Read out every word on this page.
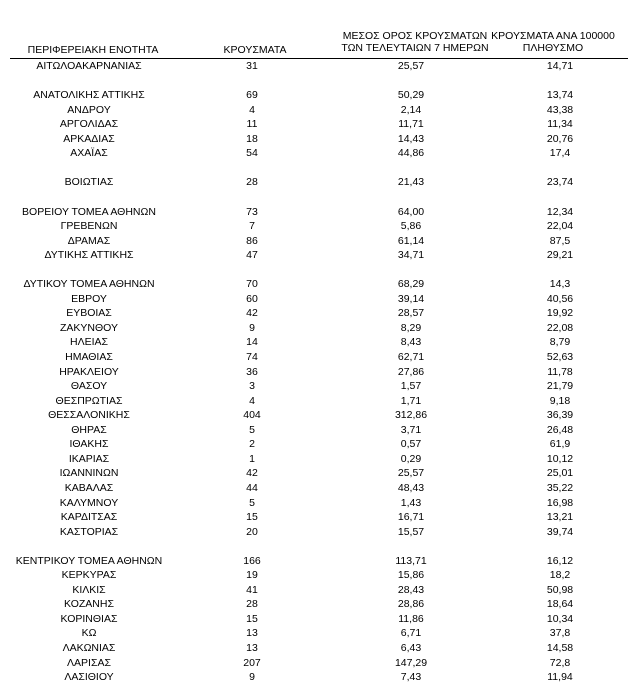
ΠΕΡΙΦΕΡΕΙΑΚΗ ΕΝΟΤΗΤΑ	ΚΡΟΥΣΜΑΤΑ
ΜΕΣΟΣ ΟΡΟΣ ΚΡΟΥΣΜΑΤΩΝ
ΤΩΝ ΤΕΛΕΥΤΑΙΩΝ 7 ΗΜΕΡΩΝ
ΚΡΟΥΣΜΑΤΑ ΑΝΑ 100000
ΠΛΗΘΥΣΜΟ
ΑΙΤΩΛΟΑΚΑΡΝΑΝΙΑΣ	31	25,57	14,71
ΑΝΑΤΟΛΙΚΗΣ ΑΤΤΙΚΗΣ	69	50,29	13,74
ΑΝΔΡΟΥ	4	2,14	43,38
ΑΡΓΟΛΙΔΑΣ	11	11,71	11,34
ΑΡΚΑΔΙΑΣ	18	14,43	20,76
ΑΧΑΪΑΣ	54	44,86	17,4
ΒΟΙΩΤΙΑΣ	28	21,43	23,74
ΒΟΡΕΙΟΥ ΤΟΜΕΑ ΑΘΗΝΩΝ	73	64,00	12,34
ΓΡΕΒΕΝΩΝ	7	5,86	22,04
ΔΡΑΜΑΣ	86	61,14	87,5
ΔΥΤΙΚΗΣ ΑΤΤΙΚΗΣ	47	34,71	29,21
ΔΥΤΙΚΟΥ ΤΟΜΕΑ ΑΘΗΝΩΝ	70	68,29	14,3
ΕΒΡΟΥ	60	39,14	40,56
ΕΥΒΟΙΑΣ	42	28,57	19,92
ΖΑΚΥΝΘΟΥ	9	8,29	22,08
ΗΛΕΙΑΣ	14	8,43	8,79
ΗΜΑΘΙΑΣ	74	62,71	52,63
ΗΡΑΚΛΕΙΟΥ	36	27,86	11,78
ΘΑΣΟΥ	3	1,57	21,79
ΘΕΣΠΡΩΤΙΑΣ	4	1,71	9,18
ΘΕΣΣΑΛΟΝΙΚΗΣ	404	312,86	36,39
ΘΗΡΑΣ	5	3,71	26,48
ΙΘΑΚΗΣ	2	0,57	61,9
ΙΚΑΡΙΑΣ	1	0,29	10,12
ΙΩΑΝΝΙΝΩΝ	42	25,57	25,01
ΚΑΒΑΛΑΣ	44	48,43	35,22
ΚΑΛΥΜΝΟΥ	5	1,43	16,98
ΚΑΡΔΙΤΣΑΣ	15	16,71	13,21
ΚΑΣΤΟΡΙΑΣ	20	15,57	39,74
ΚΕΝΤΡΙΚΟΥ ΤΟΜΕΑ ΑΘΗΝΩΝ	166	113,71	16,12
ΚΕΡΚΥΡΑΣ	19	15,86	18,2
ΚΙΛΚΙΣ	41	28,43	50,98
ΚΟΖΑΝΗΣ	28	28,86	18,64
ΚΟΡΙΝΘΙΑΣ	15	11,86	10,34
ΚΩ	13	6,71	37,8
ΛΑΚΩΝΙΑΣ	13	6,43	14,58
ΛΑΡΙΣΑΣ	207	147,29	72,8
ΛΑΣΙΘΙΟΥ	9	7,43	11,94
